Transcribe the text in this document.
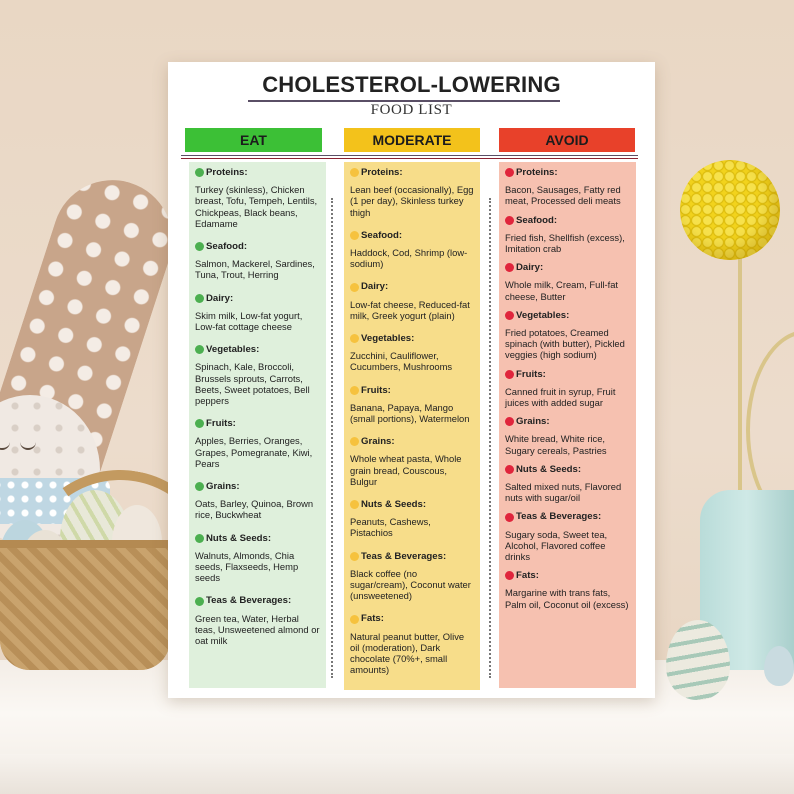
CHOLESTEROL-LOWERING
FOOD LIST
EAT	MODERATE	AVOID
Proteins:
Turkey (skinless), Chicken breast, Tofu, Tempeh, Lentils, Chickpeas, Black beans, Edamame
Seafood:
Salmon, Mackerel, Sardines, Tuna, Trout, Herring
Dairy:
Skim milk, Low-fat yogurt, Low-fat cottage cheese
Vegetables:
Spinach, Kale, Broccoli, Brussels sprouts, Carrots, Beets, Sweet potatoes, Bell peppers
Fruits:
Apples, Berries, Oranges, Grapes, Pomegranate, Kiwi, Pears
Grains:
Oats, Barley, Quinoa, Brown rice, Buckwheat
Nuts & Seeds:
Walnuts, Almonds, Chia seeds, Flaxseeds, Hemp seeds
Teas & Beverages:
Green tea, Water, Herbal teas, Unsweetened almond or oat milk
Proteins:
Lean beef (occasionally), Egg (1 per day), Skinless turkey thigh
Seafood:
Haddock, Cod, Shrimp (low-sodium)
Dairy:
Low-fat cheese, Reduced-fat milk, Greek yogurt (plain)
Vegetables:
Zucchini, Cauliflower, Cucumbers, Mushrooms
Fruits:
Banana, Papaya, Mango (small portions), Watermelon
Grains:
Whole wheat pasta, Whole grain bread, Couscous, Bulgur
Nuts & Seeds:
Peanuts, Cashews, Pistachios
Teas & Beverages:
Black coffee (no sugar/cream), Coconut water (unsweetened)
Fats:
Natural peanut butter, Olive oil (moderation), Dark chocolate (70%+, small amounts)
Proteins:
Bacon, Sausages, Fatty red meat, Processed deli meats
Seafood:
Fried fish, Shellfish (excess), Imitation crab
Dairy:
Whole milk, Cream, Full-fat cheese, Butter
Vegetables:
Fried potatoes, Creamed spinach (with butter), Pickled veggies (high sodium)
Fruits:
Canned fruit in syrup, Fruit juices with added sugar
Grains:
White bread, White rice, Sugary cereals, Pastries
Nuts & Seeds:
Salted mixed nuts, Flavored nuts with sugar/oil
Teas & Beverages:
Sugary soda, Sweet tea, Alcohol, Flavored coffee drinks
Fats:
Margarine with trans fats, Palm oil, Coconut oil (excess)
